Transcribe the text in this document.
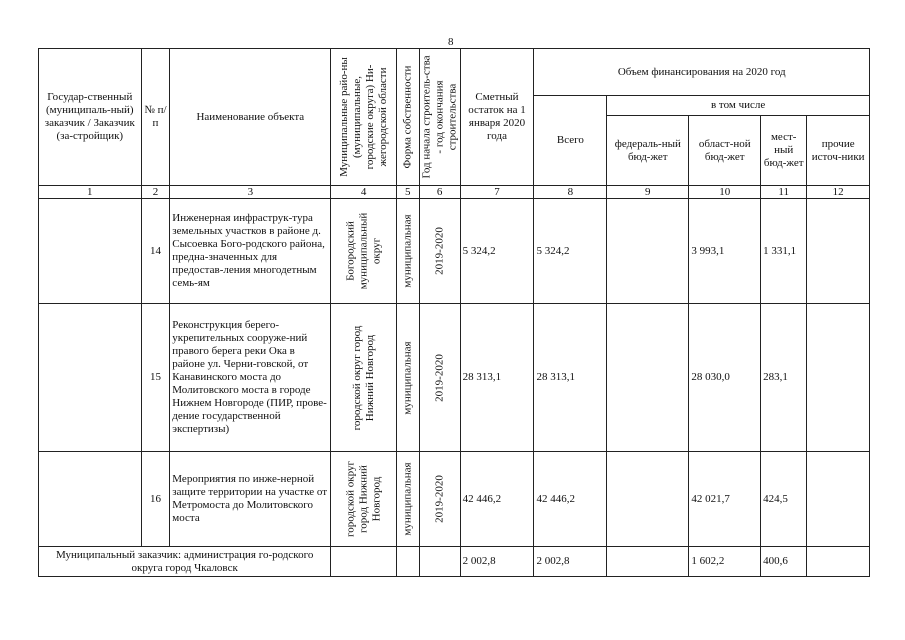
8
Государ-ственный (муниципаль-ный) заказчик / Заказчик (за-стройщик)	№ п/п	Наименование объекта	Муниципальные райо-ны (муниципальные, городские округа) Ни-жегородской области	Форма собственности	Год начала строитель-ства - год окончания строительства	Сметный остаток на 1 января 2020 года	Объем финансирования на 2020 год				
							Всего	в том числе			
								федераль-ный бюд-жет	област-ной бюд-жет	мест-ный бюд-жет	прочие источ-ники
1	2	3	4	5	6	7	8	9	10	11	12
	14	Инженерная инфраструк-тура земельных участков в районе д. Сысоевка Бого-родского района, предна-значенных для предостав-ления многодетным семь-ям	Богородский муниципальный округ	муниципальная	2019-2020	5 324,2	5 324,2		3 993,1	1 331,1	
	15	Реконструкция берего-укрепительных сооруже-ний правого берега реки Ока в районе ул. Черни-говской, от Канавинского моста до Молитовского моста в городе Нижнем Новгороде (ПИР, прове-дение государственной экспертизы)	городской округ город Нижний Новгород	муниципальная	2019-2020	28 313,1	28 313,1		28 030,0	283,1	
	16	Мероприятия по инже-нерной защите территории на участке от Метромоста до Молитовского моста	городской округ город Нижний Новгород	муниципальная	2019-2020	42 446,2	42 446,2		42 021,7	424,5	
Муниципальный заказчик: администрация го-родского округа город Чкаловск						2 002,8	2 002,8		1 602,2	400,6	
